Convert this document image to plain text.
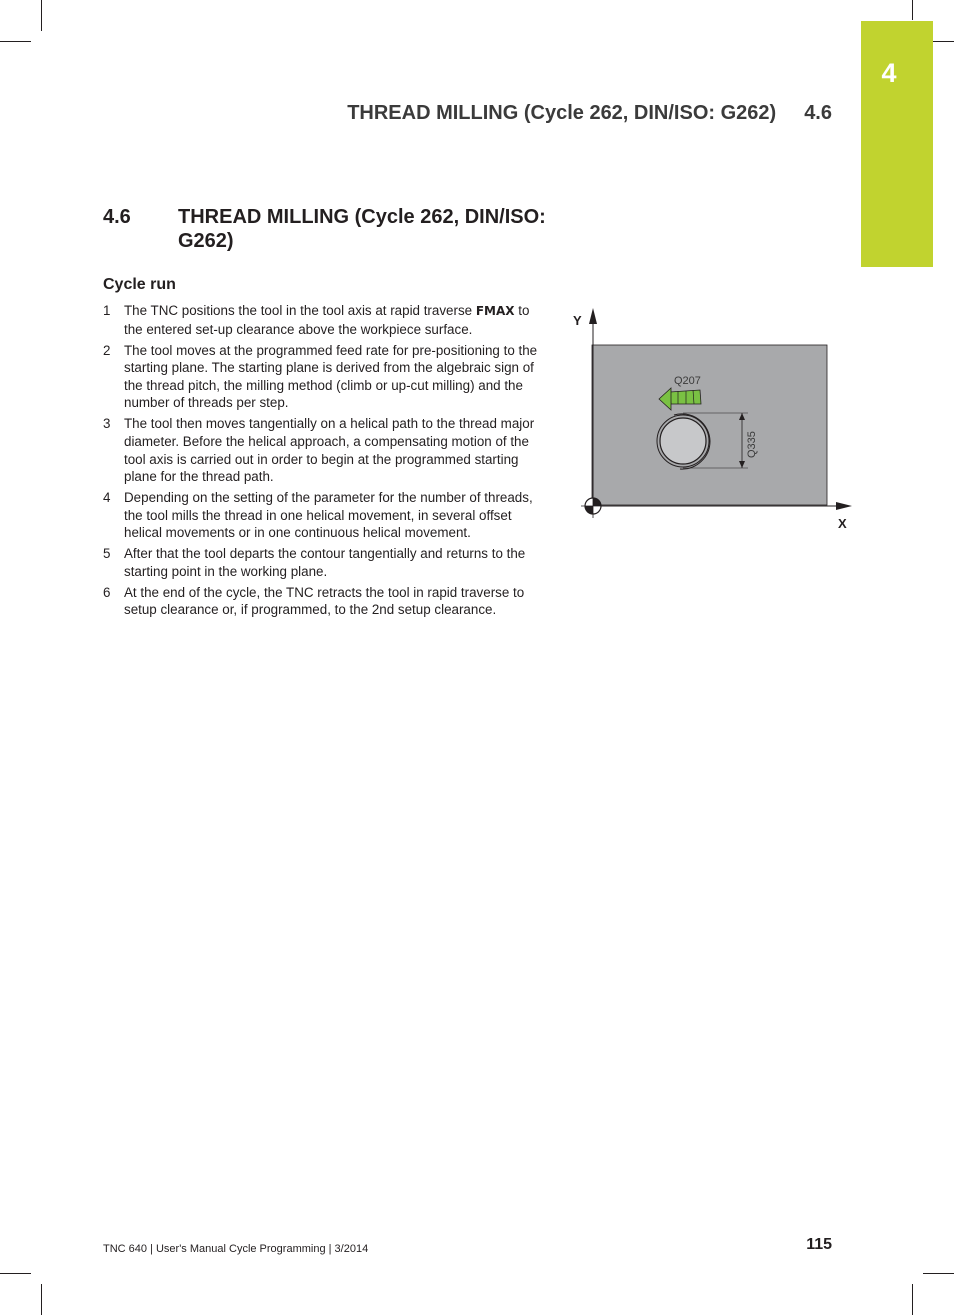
4
THREAD MILLING (Cycle 262, DIN/ISO: G262) 4.6
4.6 THREAD MILLING (Cycle 262, DIN/ISO: G262)
Cycle run
1 The TNC positions the tool in the tool axis at rapid traverse FMAX to the entered set-up clearance above the workpiece surface.
2 The tool moves at the programmed feed rate for pre-positioning to the starting plane. The starting plane is derived from the algebraic sign of the thread pitch, the milling method (climb or up-cut milling) and the number of threads per step.
3 The tool then moves tangentially on a helical path to the thread major diameter. Before the helical approach, a compensating motion of the tool axis is carried out in order to begin at the programmed starting plane for the thread path.
4 Depending on the setting of the parameter for the number of threads, the tool mills the thread in one helical movement, in several offset helical movements or in one continuous helical movement.
5 After that the tool departs the contour tangentially and returns to the starting point in the working plane.
6 At the end of the cycle, the TNC retracts the tool in rapid traverse to setup clearance or, if programmed, to the 2nd setup clearance.
Y
X
Q335
Q207
TNC 640 | User's Manual Cycle Programming | 3/2014	115
